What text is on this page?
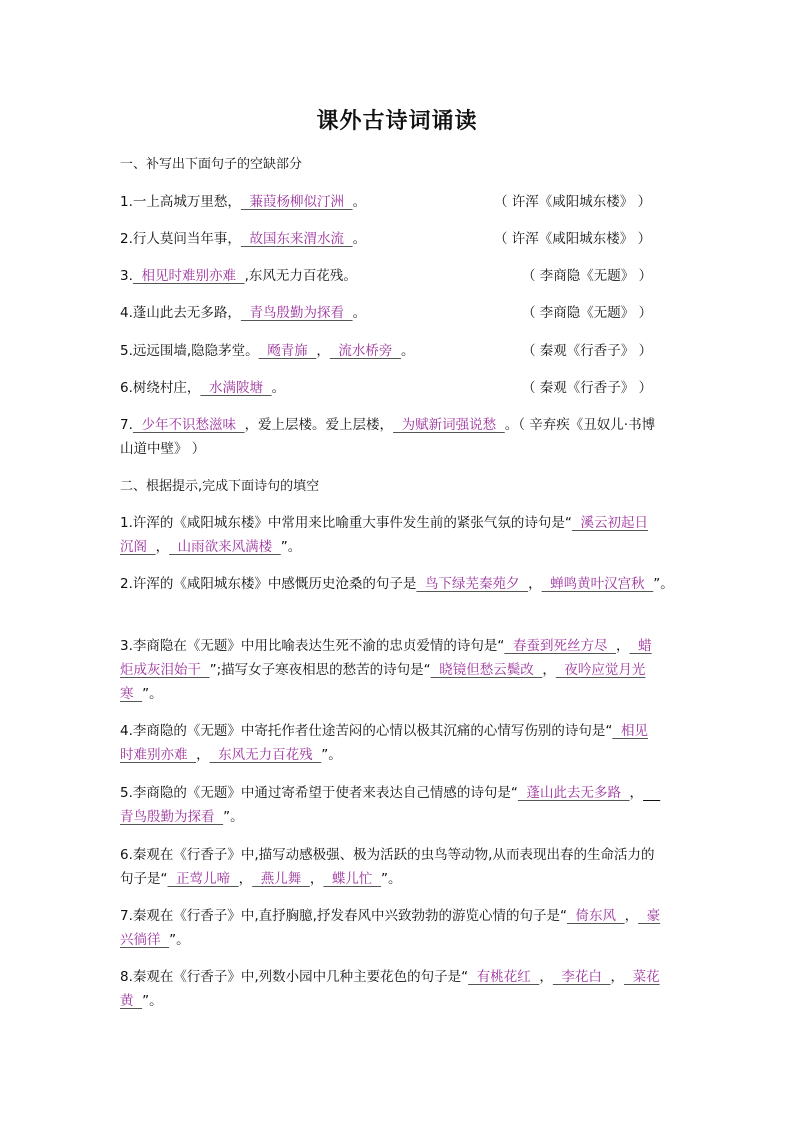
课外古诗词诵读
一、补写出下面句子的空缺部分
1.一上高城万里愁，  蒹葭杨柳似汀洲  。	（ 许浑《咸阳城东楼》 ）
2.行人莫问当年事，  故国东来渭水流  。	（ 许浑《咸阳城东楼》 ）
3.  相见时难别亦难  ,东风无力百花残。	（ 李商隐《无题》 ）
4.蓬山此去无多路，  青鸟殷勤为探看  。	（ 李商隐《无题》 ）
5.远远围墙,隐隐茅堂。  飏青旆  ，  流水桥旁  。	（ 秦观《行香子》 ）
6.树绕村庄，  水满陂塘  。	（ 秦观《行香子》 ）
7.  少年不识愁滋味  ，爱上层楼。爱上层楼，  为赋新词强说愁  。（ 辛弃疾《丑奴儿·书博
山道中壁》 ）
二、根据提示,完成下面诗句的填空
1.许浑的《咸阳城东楼》中常用来比喻重大事件发生前的紧张气氛的诗句是“  溪云初起日
沉阁  ，  山雨欲来风满楼  ”。
2.许浑的《咸阳城东楼》中感慨历史沧桑的句子是  鸟下绿芜秦苑夕  ，  蝉鸣黄叶汉宫秋  ”。
3.李商隐在《无题》中用比喻表达生死不渝的忠贞爱情的诗句是“  春蚕到死丝方尽  ，  蜡
炬成灰泪始干  ”;描写女子寒夜相思的愁苦的诗句是“  晓镜但愁云鬓改  ，  夜吟应觉月光
寒  ”。
4.李商隐的《无题》中寄托作者仕途苦闷的心情以极其沉痛的心情写伤别的诗句是“  相见
时难别亦难  ，  东风无力百花残  ”。
5.李商隐的《无题》中通过寄希望于使者来表达自己情感的诗句是“  蓬山此去无多路  ，
青鸟殷勤为探看  ”。
6.秦观在《行香子》中,描写动感极强、极为活跃的虫鸟等动物,从而表现出春的生命活力的
句子是“  正莺儿啼  ，  燕儿舞  ，  蝶儿忙  ”。
7.秦观在《行香子》中,直抒胸臆,抒发春风中兴致勃勃的游览心情的句子是“  倚东风  ，  豪
兴徜徉  ”。
8.秦观在《行香子》中,列数小园中几种主要花色的句子是“  有桃花红  ，  李花白  ，  菜花
黄  ”。
